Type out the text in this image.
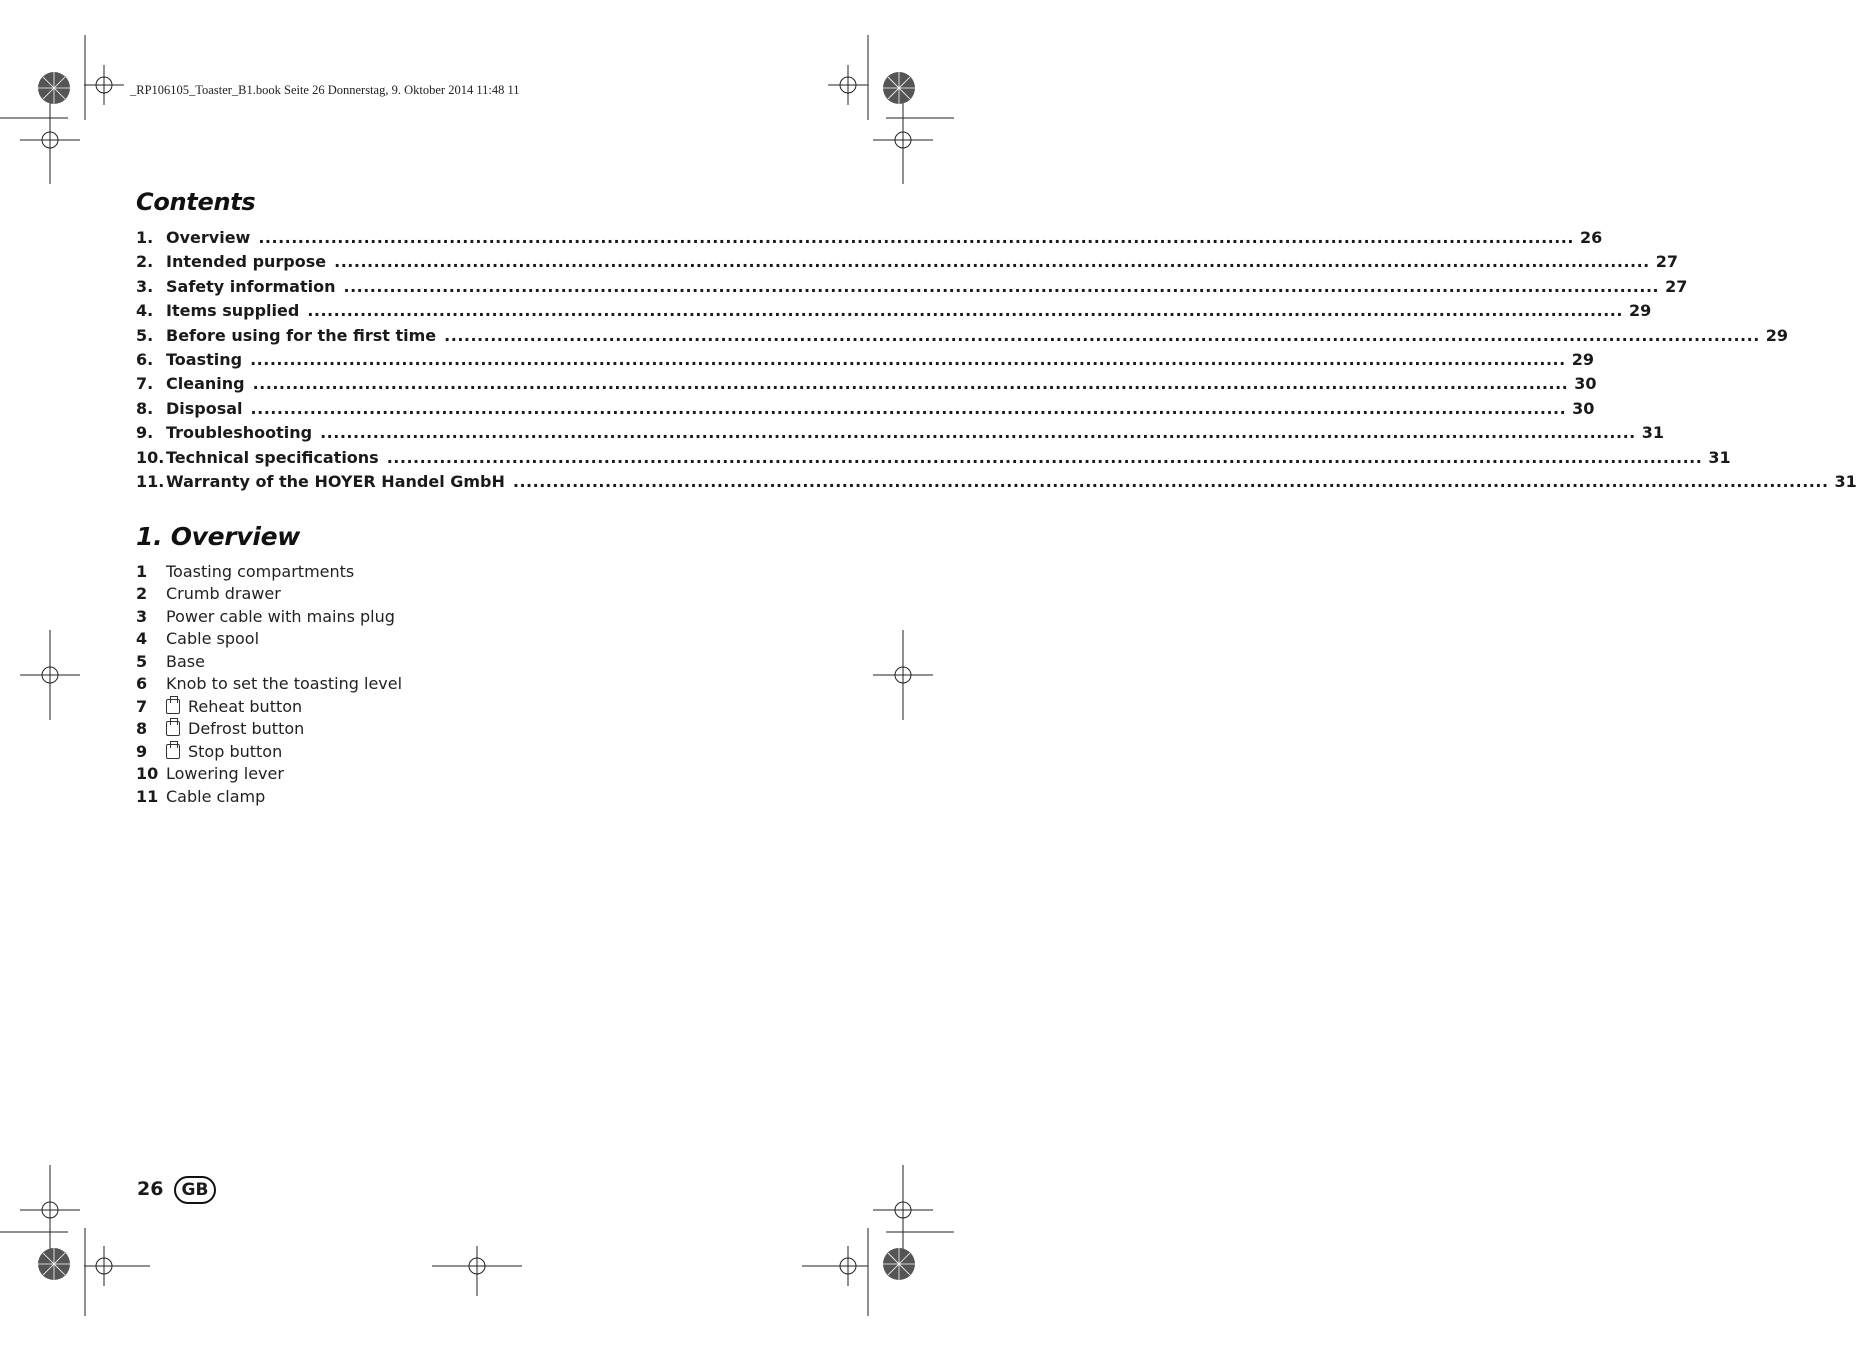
_RP106105_Toaster_B1.book Seite 26 Donnerstag, 9. Oktober 2014 11:48 11
Contents
1. Overview ........................................................................................................................................................................................................ 26
2. Intended purpose ........................................................................................................................................................................................................ 27
3. Safety information ........................................................................................................................................................................................................ 27
4. Items supplied ........................................................................................................................................................................................................ 29
5. Before using for the first time ........................................................................................................................................................................................................ 29
6. Toasting ........................................................................................................................................................................................................ 29
7. Cleaning ........................................................................................................................................................................................................ 30
8. Disposal ........................................................................................................................................................................................................ 30
9. Troubleshooting ........................................................................................................................................................................................................ 31
10. Technical specifications ........................................................................................................................................................................................................ 31
11. Warranty of the HOYER Handel GmbH ........................................................................................................................................................................................................ 31
1. Overview
1	Toasting compartments
2	Crumb drawer
3	Power cable with mains plug
4	Cable spool
5	Base
6	Knob to set the toasting level
7	Reheat button
8	Defrost button
9	Stop button
10 Lowering lever
11 Cable clamp
26	GB
